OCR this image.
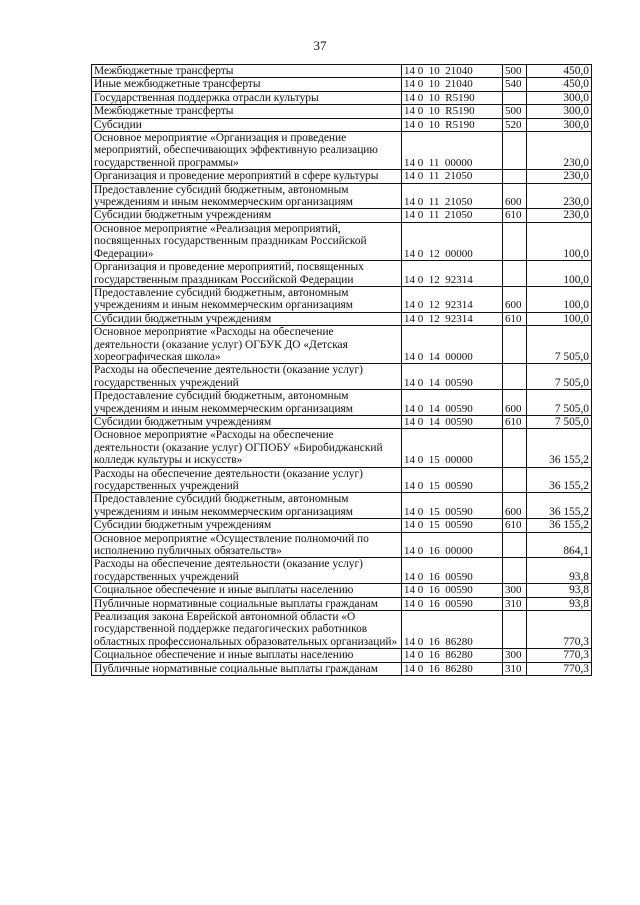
37
Межбюджетные трансферты	14 0  10  21040	500	450,0
Иные межбюджетные трансферты	14 0  10  21040	540	450,0
Государственная поддержка отрасли культуры	14 0  10  R5190		300,0
Межбюджетные трансферты	14 0  10  R5190	500	300,0
Субсидии	14 0  10  R5190	520	300,0
Основное мероприятие «Организация и проведение мероприятий, обеспечивающих эффективную реализацию государственной программы»	14 0  11  00000		230,0
Организация и проведение мероприятий в сфере культуры	14 0  11  21050		230,0
Предоставление субсидий бюджетным, автономным учреждениям и иным некоммерческим организациям	14 0  11  21050	600	230,0
Субсидии бюджетным учреждениям	14 0  11  21050	610	230,0
Основное мероприятие «Реализация мероприятий, посвященных государственным праздникам Российской Федерации»	14 0  12  00000		100,0
Организация и проведение мероприятий, посвященных государственным праздникам Российской Федерации	14 0  12  92314		100,0
Предоставление субсидий бюджетным, автономным учреждениям и иным некоммерческим организациям	14 0  12  92314	600	100,0
Субсидии бюджетным учреждениям	14 0  12  92314	610	100,0
Основное мероприятие «Расходы на обеспечение деятельности (оказание услуг) ОГБУК ДО «Детская хореографическая школа»	14 0  14  00000		7 505,0
Расходы на обеспечение деятельности (оказание услуг) государственных учреждений	14 0  14  00590		7 505,0
Предоставление субсидий бюджетным, автономным учреждениям и иным некоммерческим организациям	14 0  14  00590	600	7 505,0
Субсидии бюджетным учреждениям	14 0  14  00590	610	7 505,0
Основное мероприятие «Расходы на обеспечение деятельности (оказание услуг) ОГПОБУ «Биробиджанский колледж культуры и искусств»	14 0  15  00000		36 155,2
Расходы на обеспечение деятельности (оказание услуг) государственных учреждений	14 0  15  00590		36 155,2
Предоставление субсидий бюджетным, автономным учреждениям и иным некоммерческим организациям	14 0  15  00590	600	36 155,2
Субсидии бюджетным учреждениям	14 0  15  00590	610	36 155,2
Основное мероприятие «Осуществление полномочий по исполнению публичных обязательств»	14 0  16  00000		864,1
Расходы на обеспечение деятельности (оказание услуг) государственных учреждений	14 0  16  00590		93,8
Социальное обеспечение и иные выплаты населению	14 0  16  00590	300	93,8
Публичные нормативные социальные выплаты гражданам	14 0  16  00590	310	93,8
Реализация закона Еврейской автономной области «О государственной поддержке педагогических работников областных профессиональных образовательных организаций»	14 0  16  86280		770,3
Социальное обеспечение и иные выплаты населению	14 0  16  86280	300	770,3
Публичные нормативные социальные выплаты гражданам	14 0  16  86280	310	770,3
